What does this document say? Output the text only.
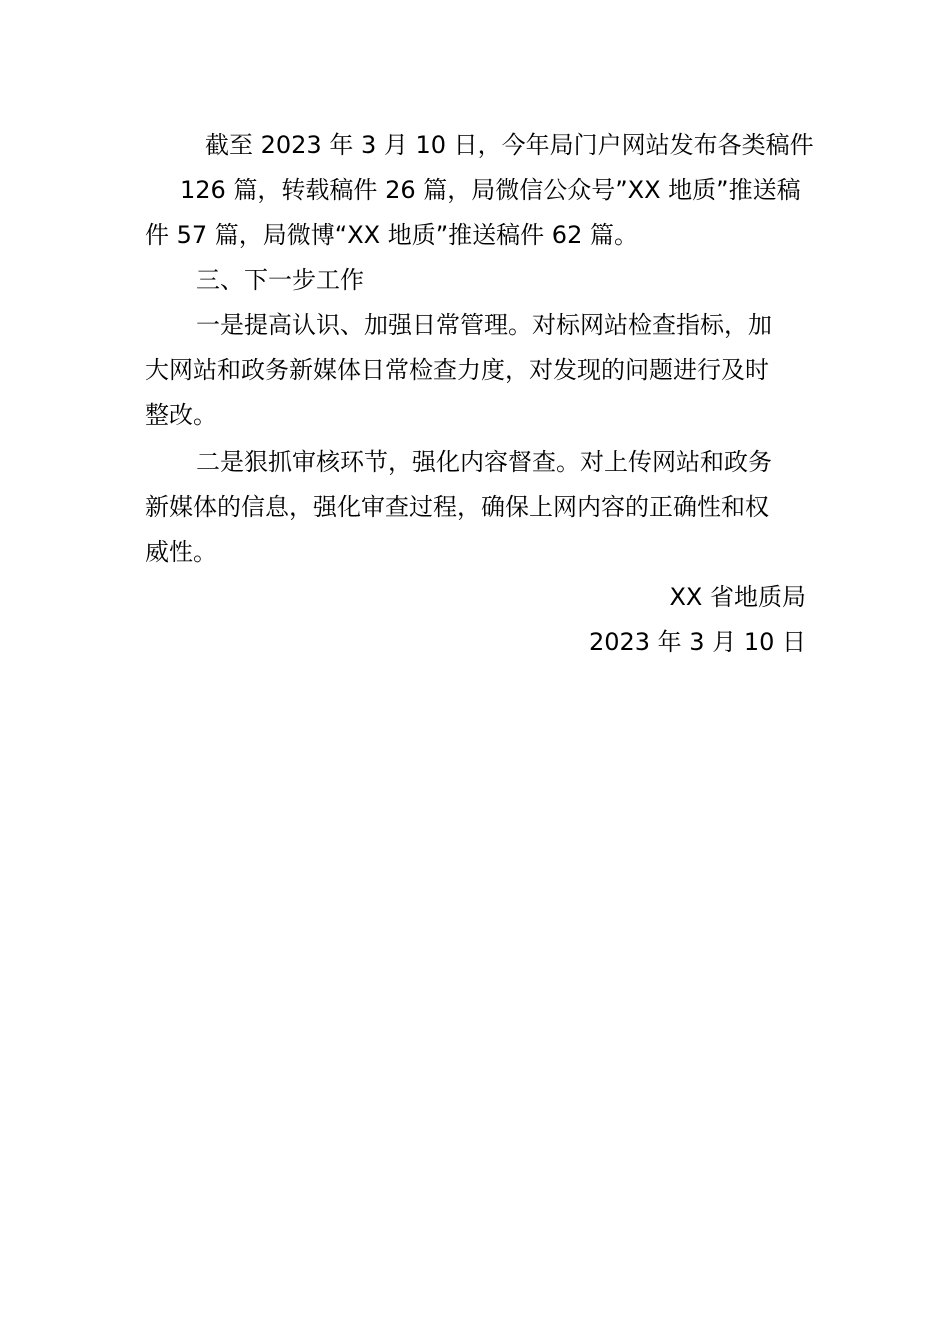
截至 2023 年 3 月 10 日，今年局门户网站发布各类稿件
126 篇，转载稿件 26 篇，局微信公众号”XX 地质”推送稿
件 57 篇，局微博“XX 地质”推送稿件 62 篇。
三、下一步工作
一是提高认识、加强日常管理。对标网站检查指标，加
大网站和政务新媒体日常检查力度，对发现的问题进行及时
整改。
二是狠抓审核环节，强化内容督查。对上传网站和政务
新媒体的信息，强化审查过程，确保上网内容的正确性和权
威性。
XX 省地质局
2023 年 3 月 10 日
